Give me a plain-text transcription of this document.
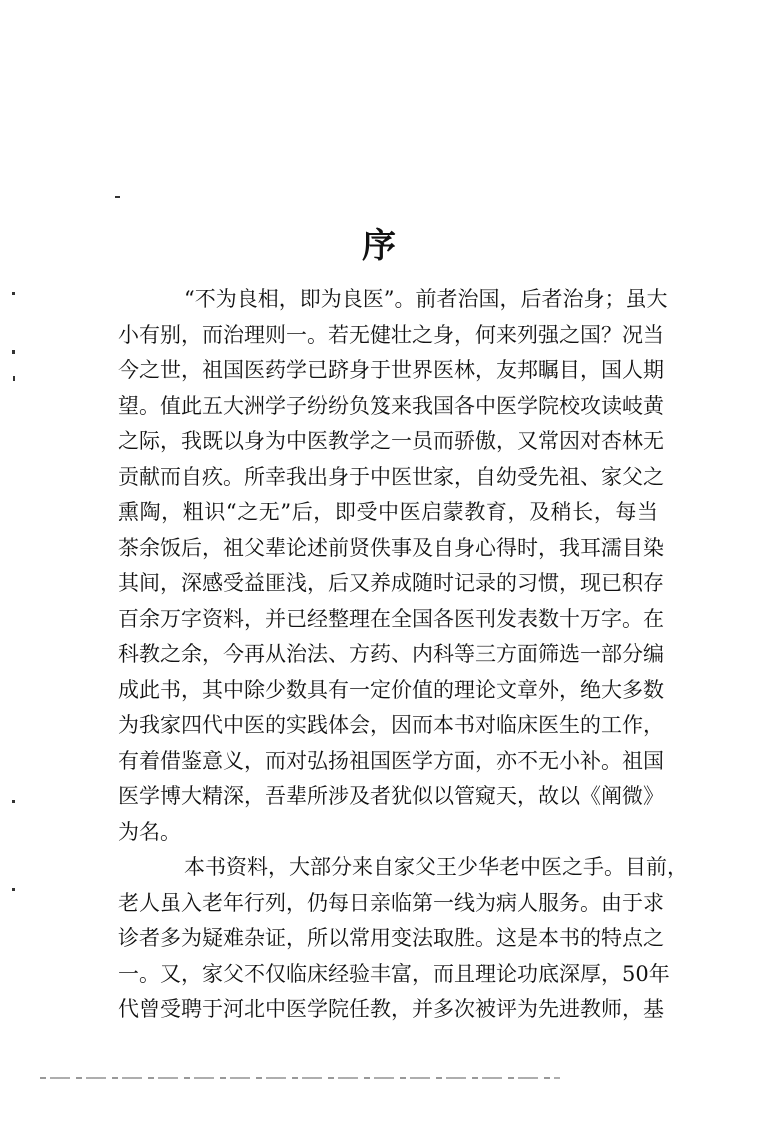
序
“不为良相，即为良医”。前者治国，后者治身；虽大
小有别，而治理则一。若无健壮之身，何来列强之国？况当
今之世，祖国医药学已跻身于世界医林，友邦瞩目，国人期
望。值此五大洲学子纷纷负笈来我国各中医学院校攻读岐黄
之际，我既以身为中医教学之一员而骄傲，又常因对杏林无
贡献而自疚。所幸我出身于中医世家，自幼受先祖、家父之
熏陶，粗识“之无”后，即受中医启蒙教育，及稍长，每当
茶余饭后，祖父辈论述前贤佚事及自身心得时，我耳濡目染
其间，深感受益匪浅，后又养成随时记录的习惯，现已积存
百余万字资料，并已经整理在全国各医刊发表数十万字。在
科教之余，今再从治法、方药、内科等三方面筛选一部分编
成此书，其中除少数具有一定价值的理论文章外，绝大多数
为我家四代中医的实践体会，因而本书对临床医生的工作，
有着借鉴意义，而对弘扬祖国医学方面，亦不无小补。祖国
医学博大精深，吾辈所涉及者犹似以管窥天，故以《阐微》
为名。
本书资料，大部分来自家父王少华老中医之手。目前，
老人虽入老年行列，仍每日亲临第一线为病人服务。由于求
诊者多为疑难杂证，所以常用变法取胜。这是本书的特点之
一。又，家父不仅临床经验丰富，而且理论功底深厚，50年
代曾受聘于河北中医学院任教，并多次被评为先进教师，基
